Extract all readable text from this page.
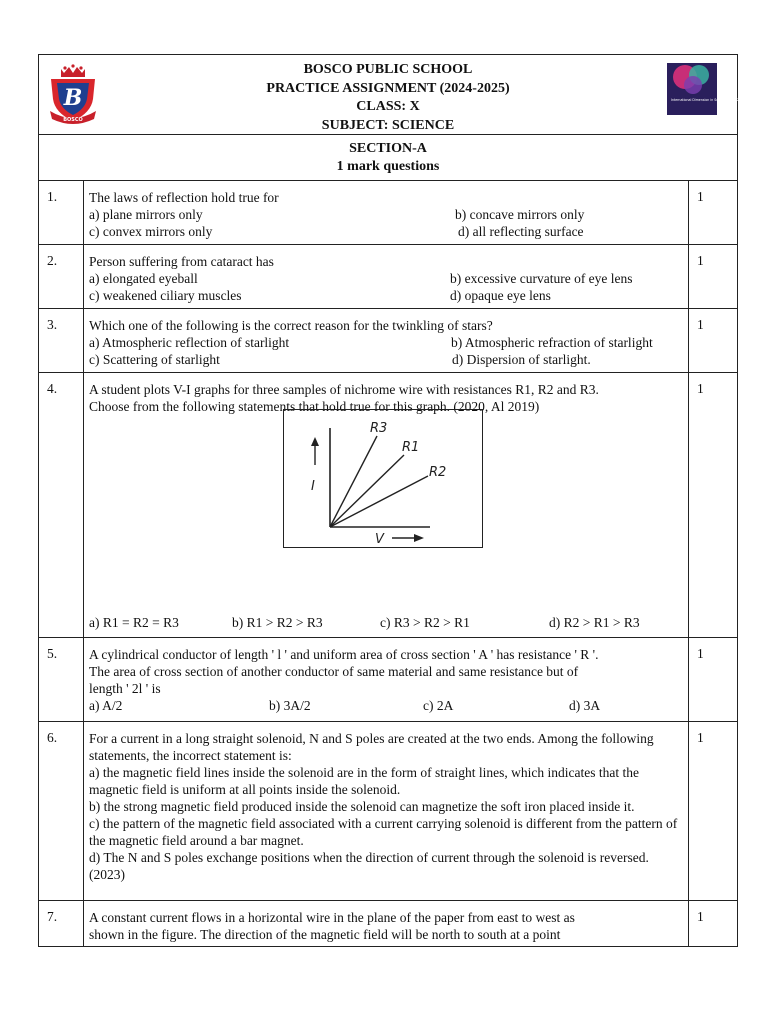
B
BOSCO
BOSCO PUBLIC SCHOOL
PRACTICE ASSIGNMENT (2024-2025)
CLASS: X
SUBJECT: SCIENCE
International Dimension in Schools 2022-25
SECTION-A
1 mark questions
1.	The laws of reflection hold true for
a) plane mirrors only	b) concave mirrors only
c) convex mirrors only	d) all reflecting surface
1
2.	Person suffering from cataract has
a) elongated eyeball	b) excessive curvature of eye lens
c) weakened ciliary muscles	d) opaque eye lens
1
3.	Which one of the following is the correct reason for the twinkling of stars?
a) Atmospheric reflection of starlight	b) Atmospheric refraction of starlight
c) Scattering of starlight	d) Dispersion of starlight.
1
4.	A student plots V-I graphs for three samples of nichrome wire with resistances R1, R2 and R3.
Choose from the following statements that hold true for this graph. (2020, Al 2019)
R3
R1
R2
I
V
a) R1 = R2 = R3	b) R1 > R2 > R3	c) R3 > R2 > R1	d) R2 > R1 > R3
1
5.	A cylindrical conductor of length ' l ' and uniform area of cross section ' A ' has resistance ' R '.
The area of cross section of another conductor of same material and same resistance but of
length ' 2l ' is
a) A/2	b) 3A/2	c) 2A	d) 3A
1
6.	For a current in a long straight solenoid, N and S poles are created at the two ends. Among the following statements, the incorrect statement is:
a) the magnetic field lines inside the solenoid are in the form of straight lines, which indicates that the magnetic field is uniform at all points inside the solenoid.
b) the strong magnetic field produced inside the solenoid can magnetize the soft iron placed inside it.
c) the pattern of the magnetic field associated with a current carrying solenoid is different from the pattern of the magnetic field around a bar magnet.
d) The N and S poles exchange positions when the direction of current through the solenoid is reversed.(2023)
1
7.	A constant current flows in a horizontal wire in the plane of the paper from east to west as
shown in the figure. The direction of the magnetic field will be north to south at a point
1
